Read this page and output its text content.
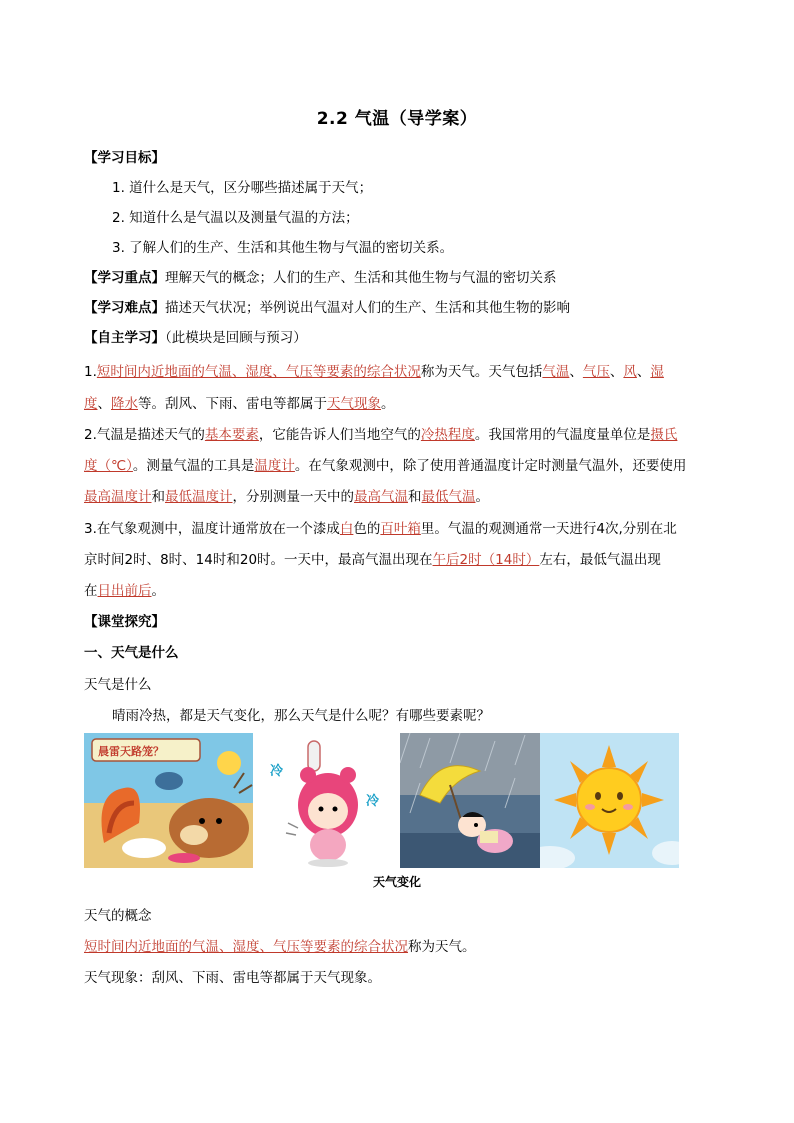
2.2 气温（导学案）
【学习目标】
1. 道什么是天气，区分哪些描述属于天气；
2. 知道什么是气温以及测量气温的方法；
3. 了解人们的生产、生活和其他生物与气温的密切关系。
【学习重点】理解天气的概念；人们的生产、生活和其他生物与气温的密切关系
【学习难点】描述天气状况；举例说出气温对人们的生产、生活和其他生物的影响
【自主学习】（此模块是回顾与预习）
1.短时间内近地面的气温、湿度、气压等要素的综合状况称为天气。天气包括气温、气压、风、湿
度、降水等。刮风、下雨、雷电等都属于天气现象。
2.气温是描述天气的基本要素，它能告诉人们当地空气的冷热程度。我国常用的气温度量单位是摄氏
度（℃）。测量气温的工具是温度计。在气象观测中，除了使用普通温度计定时测量气温外，还要使用
最高温度计和最低温度计，分别测量一天中的最高气温和最低气温。
3.在气象观测中，温度计通常放在一个漆成白色的百叶箱里。气温的观测通常一天进行4次,分别在北
京时间2时、8时、14时和20时。一天中，最高气温出现在午后2时（14时）左右，最低气温出现
在日出前后。
【课堂探究】
一、天气是什么
天气是什么
晴雨冷热，都是天气变化，那么天气是什么呢？有哪些要素呢？
晨雷天路笼？
冷
冷
天气变化
天气的概念
短时间内近地面的气温、湿度、气压等要素的综合状况称为天气。
天气现象：刮风、下雨、雷电等都属于天气现象。
